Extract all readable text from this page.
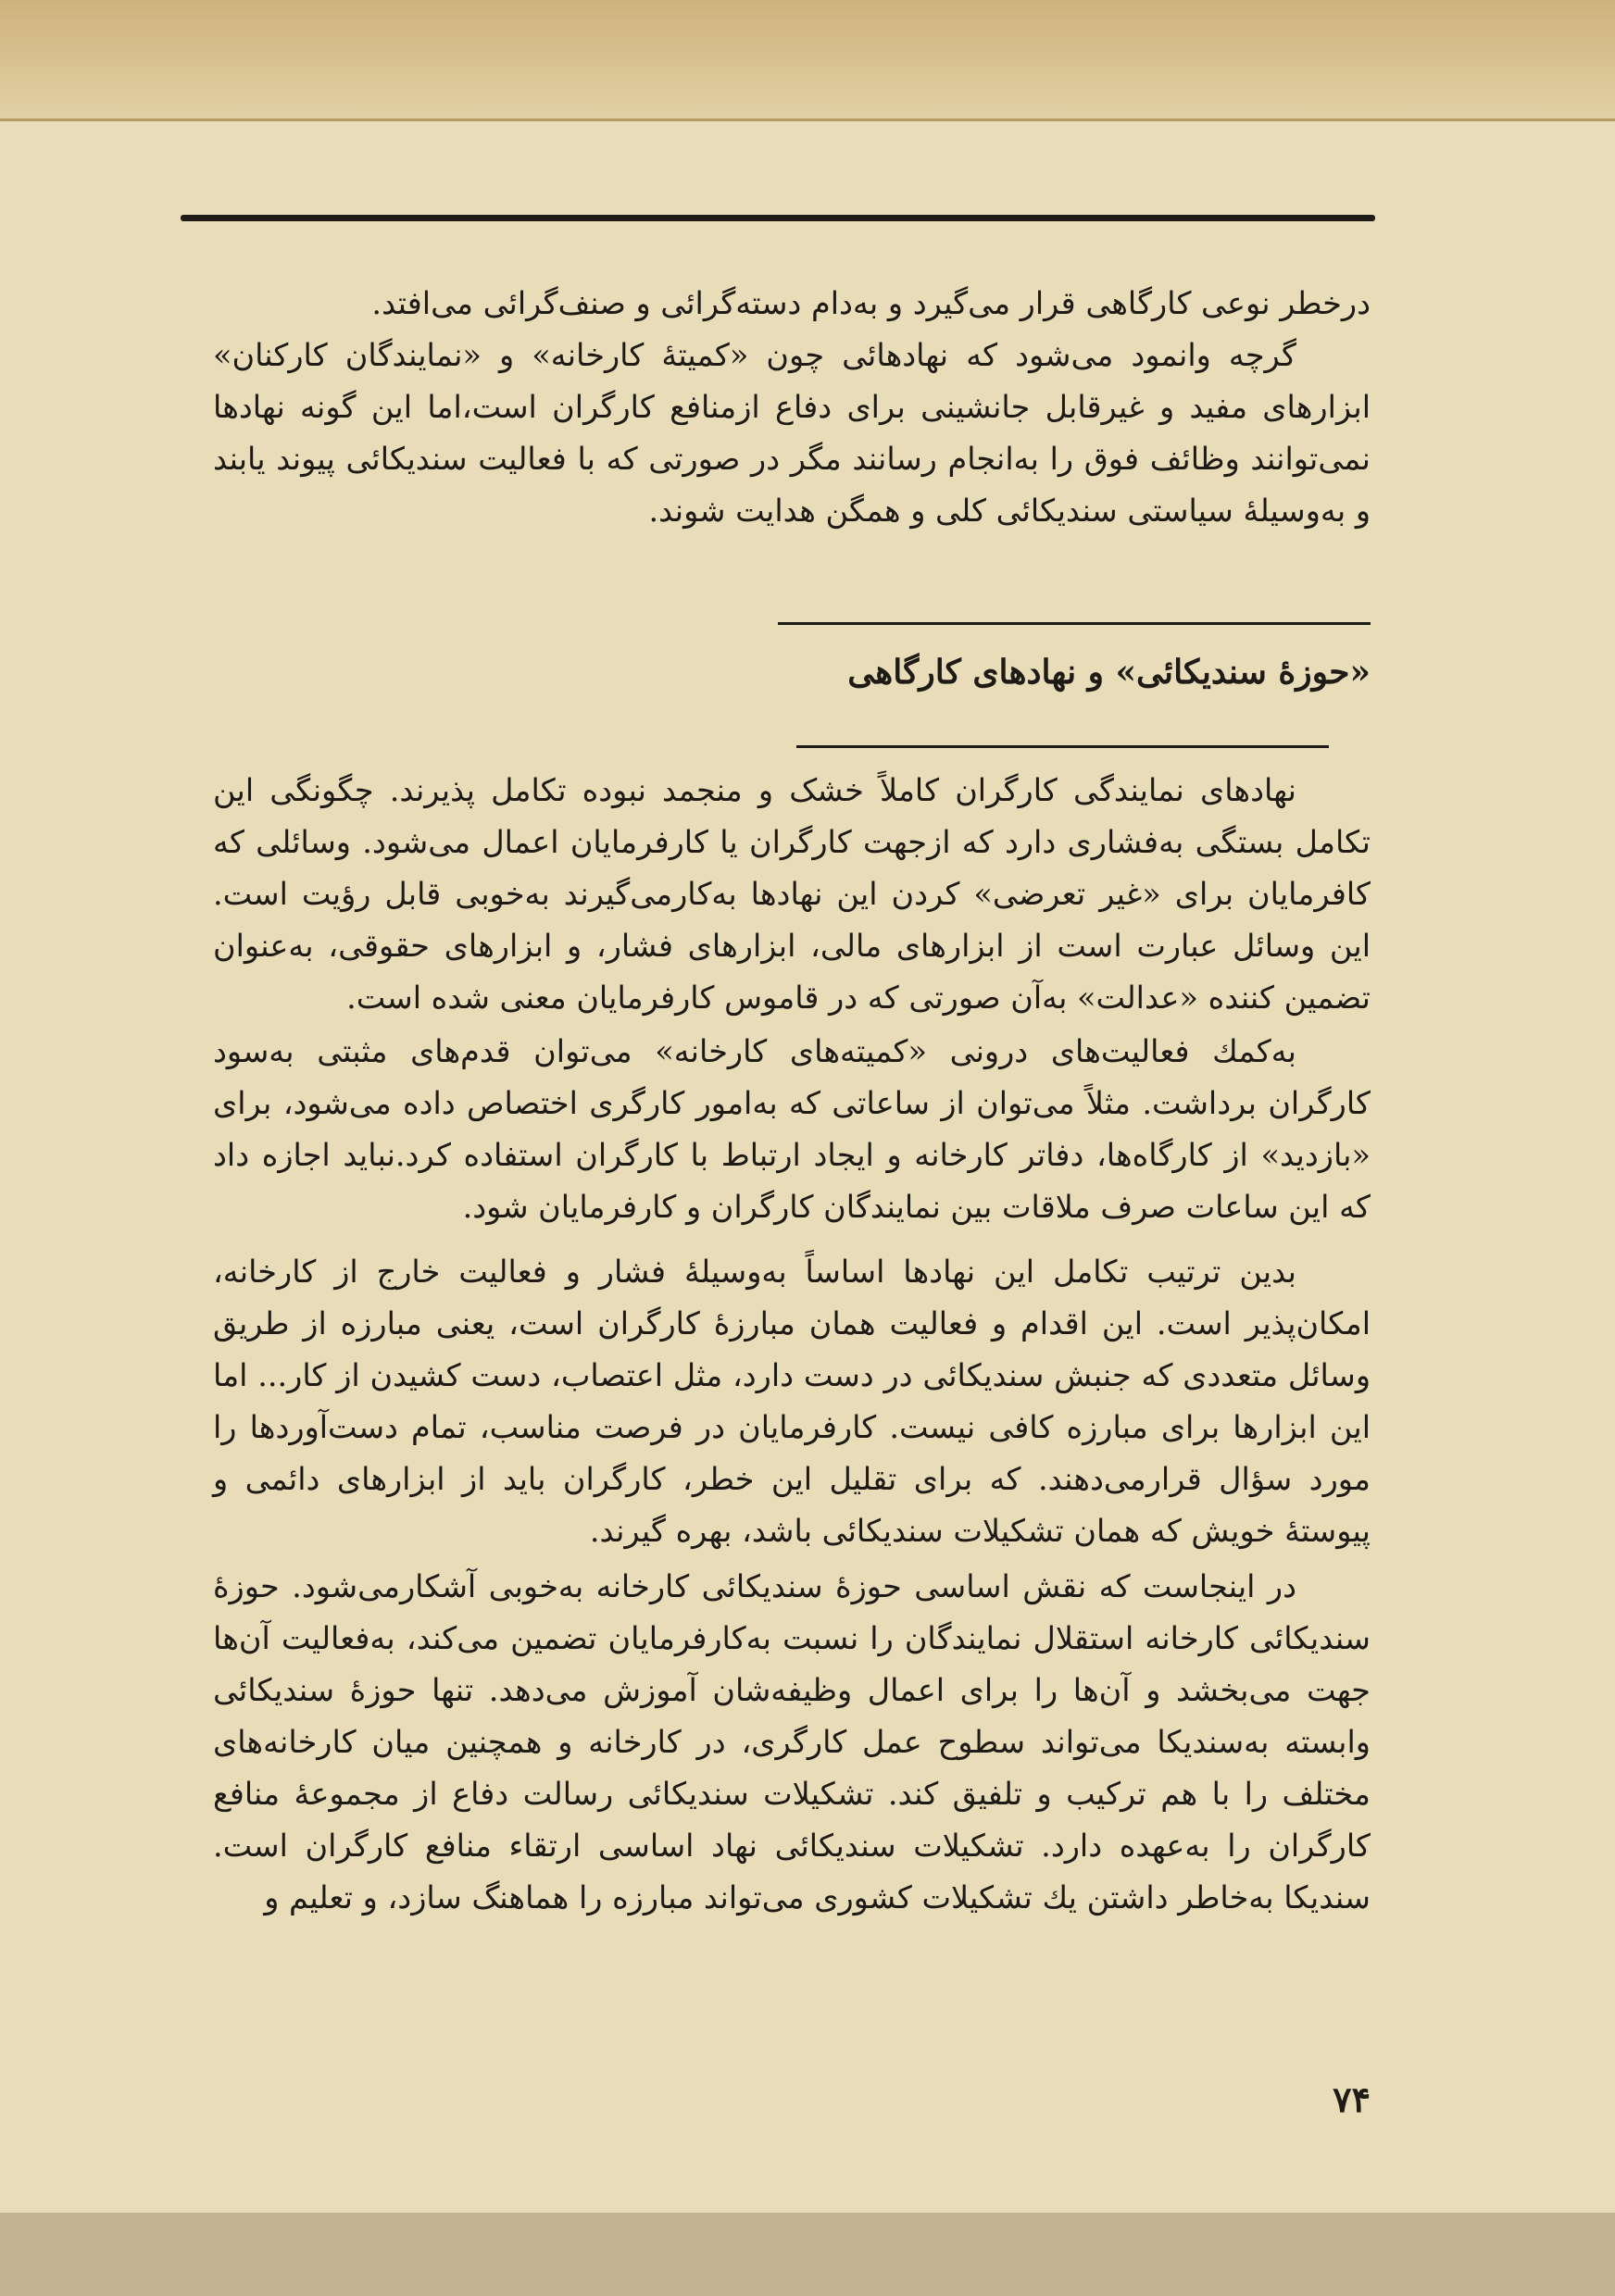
درخطر نوعی کارگاهی قرار می‌گیرد و به‌دام دسته‌گرائی و صنف‌گرائی می‌افتد.

گرچه وانمود می‌شود که نهادهائی چون «کمیتهٔ کارخانه» و «نمایندگان کارکنان» ابزارهای مفید و غیرقابل جانشینی برای دفاع ازمنافع کارگران است،اما این گونه نهادها نمی‌توانند وظائف فوق را به‌انجام رسانند مگر در صورتی که با فعالیت سندیکائی پیوند یابند و به‌وسیلهٔ سیاستی سندیکائی کلی و همگن هدایت شوند.

«حوزهٔ سندیکائی» و نهادهای کارگاهی

نهادهای نمایندگی کارگران کاملاً خشک و منجمد نبوده تکامل پذیرند. چگونگی این تکامل بستگی به‌فشاری دارد که ازجهت کارگران یا کارفرمایان اعمال می‌شود. وسائلی که کافرمایان برای «غیر تعرضی» کردن این نهادها به‌کارمی‌گیرند به‌خوبی قابل رؤیت است. این وسائل عبارت است از ابزارهای مالی، ابزارهای فشار، و ابزارهای حقوقی، به‌عنوان تضمین کننده «عدالت» به‌آن صورتی که در قاموس کارفرمایان معنی شده است.

به‌کمك فعالیت‌های درونی «کمیته‌های کارخانه» می‌توان قدم‌های مثبتی به‌سود کارگران برداشت. مثلاً می‌توان از ساعاتی که به‌امور کارگری اختصاص داده می‌شود، برای «بازدید» از کارگاه‌ها، دفاتر کارخانه و ایجاد ارتباط با کارگران استفاده کرد.نباید اجازه داد که این ساعات صرف ملاقات بین نمایندگان کارگران و کارفرمایان شود.

بدین ترتیب تکامل این نهادها اساساً به‌وسیلهٔ فشار و فعالیت خارج از کارخانه، امکان‌پذیر است. این اقدام و فعالیت همان مبارزهٔ کارگران است، یعنی مبارزه از طریق وسائل متعددی که جنبش سندیکائی در دست دارد، مثل اعتصاب، دست کشیدن از کار... اما این ابزارها برای مبارزه کافی نیست. کارفرمایان در فرصت مناسب، تمام دست‌آوردها را مورد سؤال قرارمی‌دهند. که برای تقلیل این خطر، کارگران باید از ابزارهای دائمی و پیوستهٔ خویش که همان تشکیلات سندیکائی باشد، بهره گیرند.

در اینجاست که نقش اساسی حوزهٔ سندیکائی کارخانه به‌خوبی آشکارمی‌شود. حوزهٔ سندیکائی کارخانه استقلال نمایندگان را نسبت به‌کارفرمایان تضمین می‌کند، به‌فعالیت آن‌ها جهت می‌بخشد و آن‌ها را برای اعمال وظیفه‌شان آموزش می‌دهد. تنها حوزهٔ سندیکائی وابسته به‌سندیکا می‌تواند سطوح عمل کارگری، در کارخانه و همچنین میان کارخانه‌های مختلف را با هم ترکیب و تلفیق کند. تشکیلات سندیکائی رسالت دفاع از مجموعهٔ منافع کارگران را به‌عهده دارد. تشکیلات سندیکائی نهاد اساسی ارتقاء منافع کارگران است. سندیکا به‌خاطر داشتن یك تشکیلات کشوری می‌تواند مبارزه را هماهنگ سازد، و تعلیم و

۷۴
